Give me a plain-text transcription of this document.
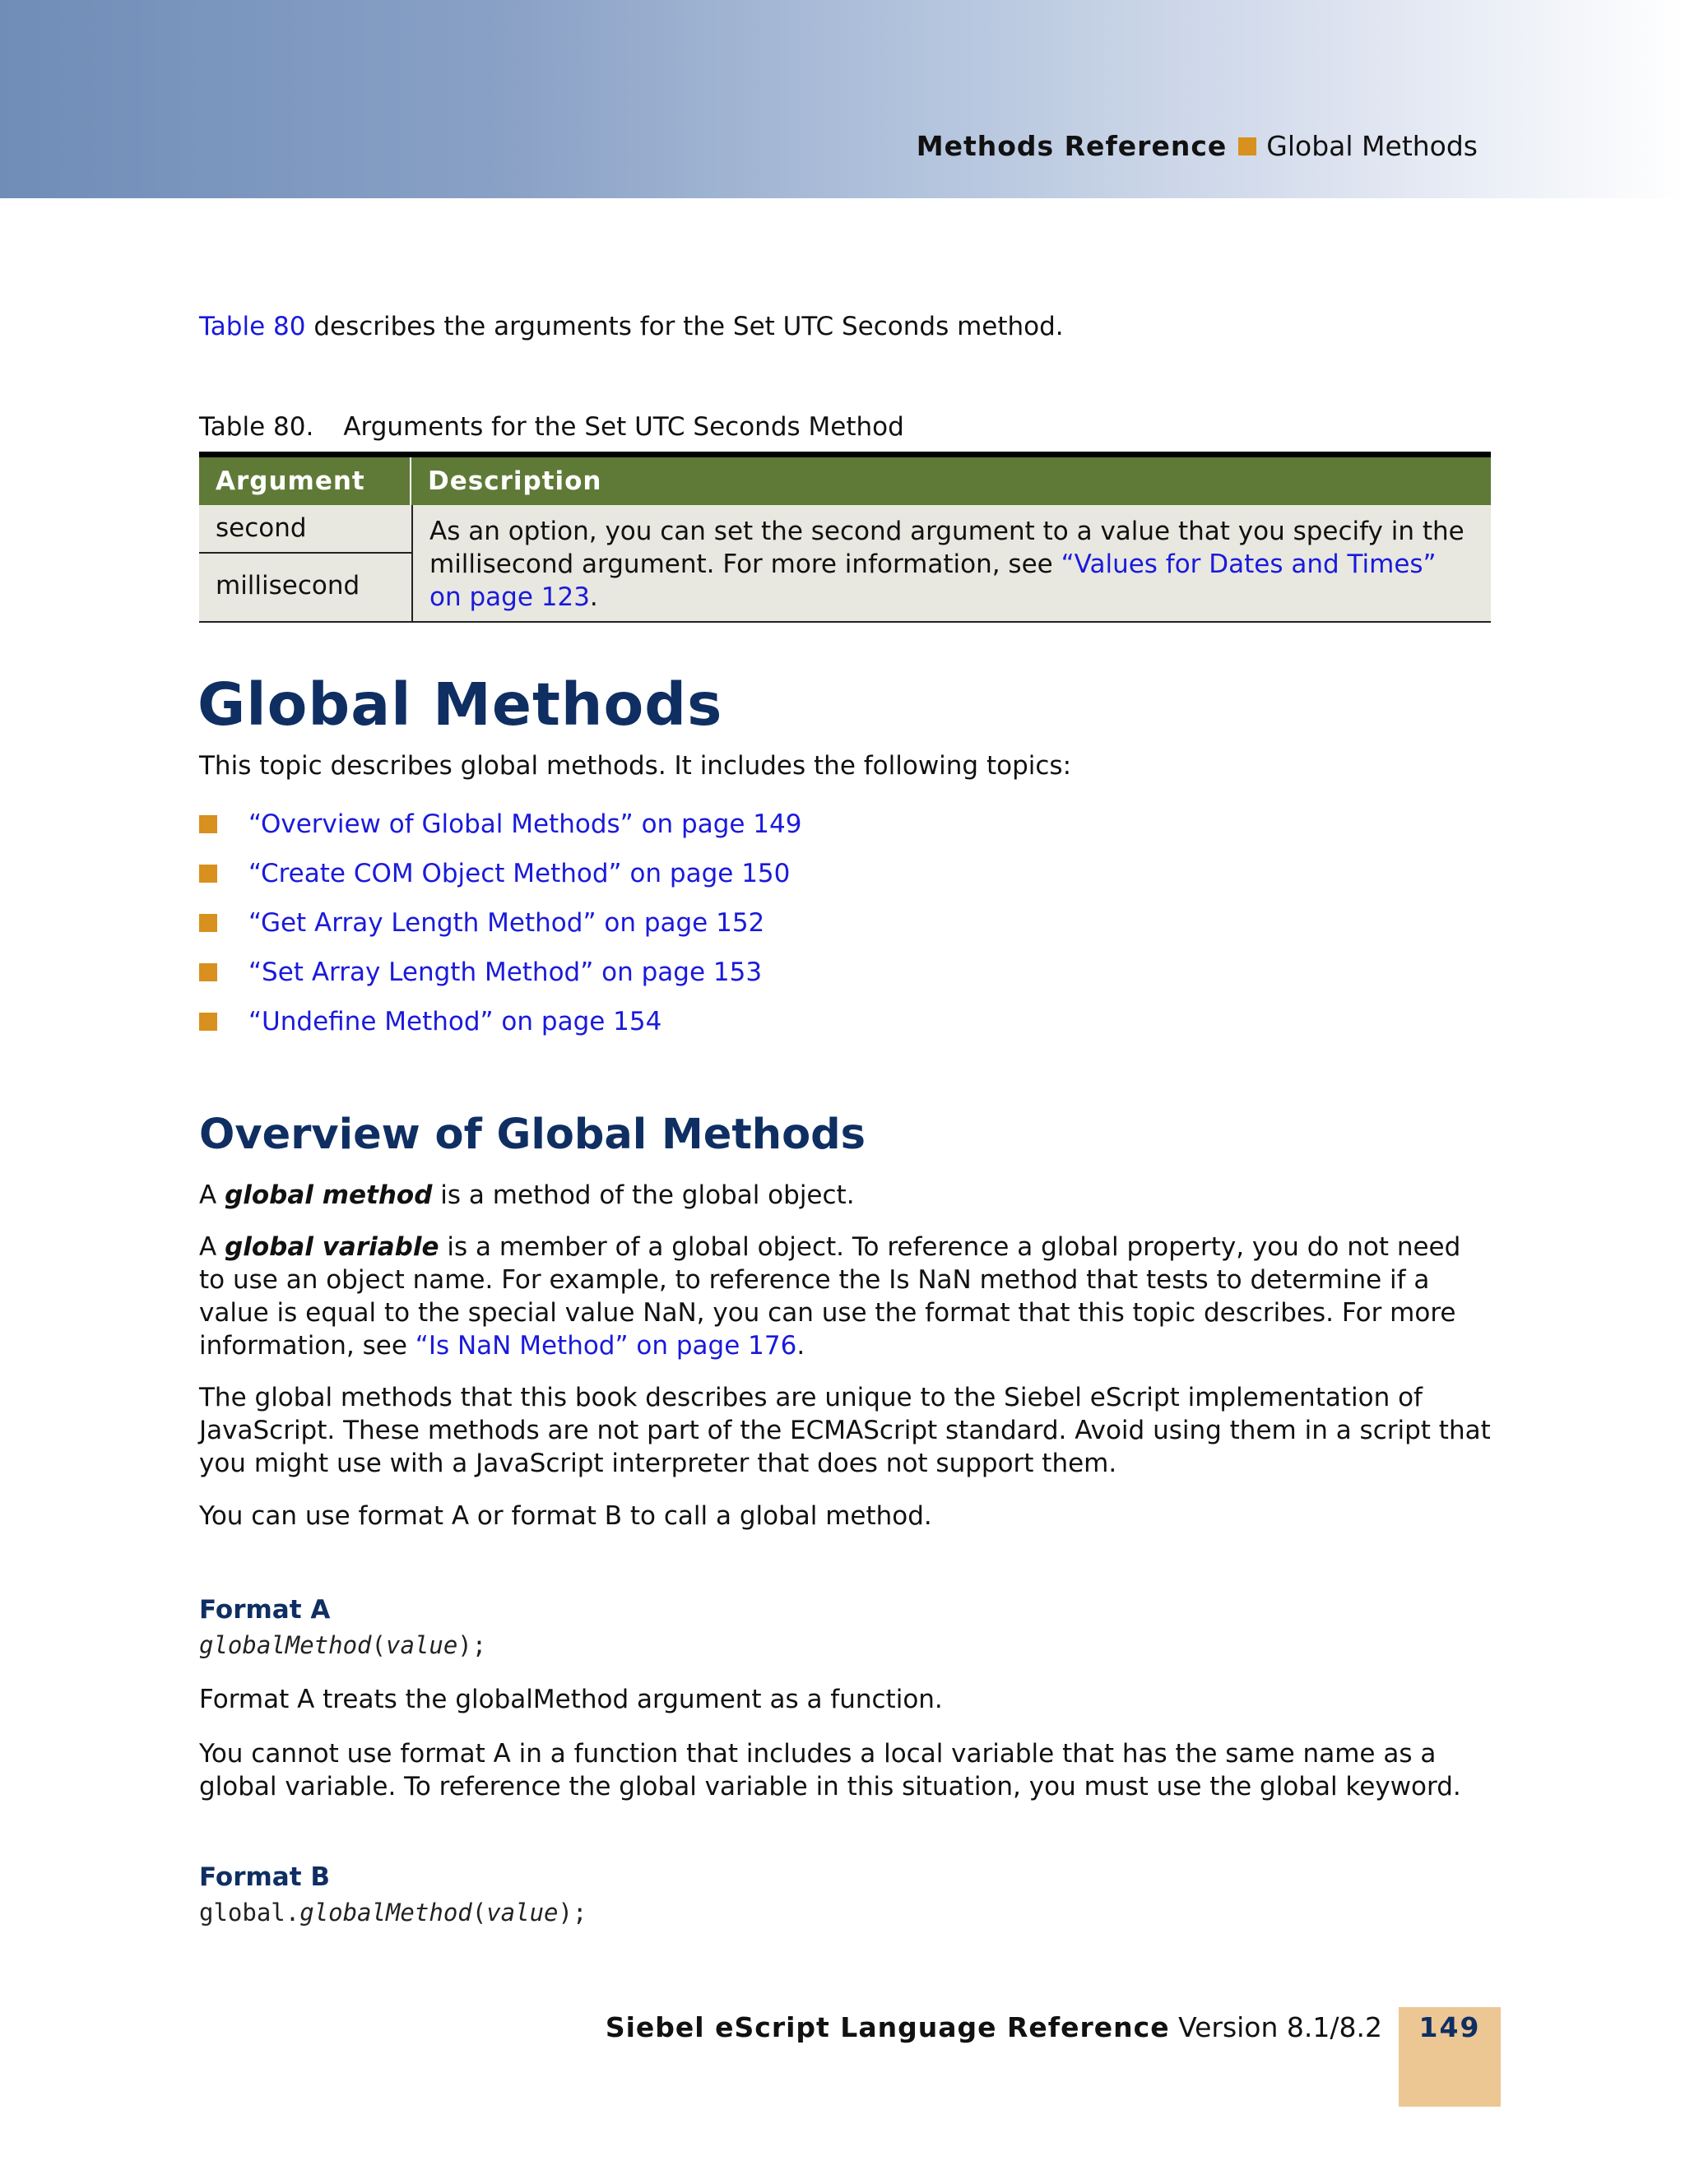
Methods Reference Global Methods
Table 80 describes the arguments for the Set UTC Seconds method.
Table 80. Arguments for the Set UTC Seconds Method
Argument	Description
second
millisecond
As an option, you can set the second argument to a value that you specify in the millisecond argument. For more information, see “Values for Dates and Times” on page 123.
Global Methods
This topic describes global methods. It includes the following topics:
“Overview of Global Methods” on page 149
“Create COM Object Method” on page 150
“Get Array Length Method” on page 152
“Set Array Length Method” on page 153
“Undefine Method” on page 154
Overview of Global Methods
A global method is a method of the global object.
A global variable is a member of a global object. To reference a global property, you do not need to use an object name. For example, to reference the Is NaN method that tests to determine if a value is equal to the special value NaN, you can use the format that this topic describes. For more information, see “Is NaN Method” on page 176.
The global methods that this book describes are unique to the Siebel eScript implementation of JavaScript. These methods are not part of the ECMAScript standard. Avoid using them in a script that you might use with a JavaScript interpreter that does not support them.
You can use format A or format B to call a global method.
Format A
globalMethod(value);
Format A treats the globalMethod argument as a function.
You cannot use format A in a function that includes a local variable that has the same name as a global variable. To reference the global variable in this situation, you must use the global keyword.
Format B
global.globalMethod(value);
Siebel eScript Language Reference Version 8.1/8.2	149
